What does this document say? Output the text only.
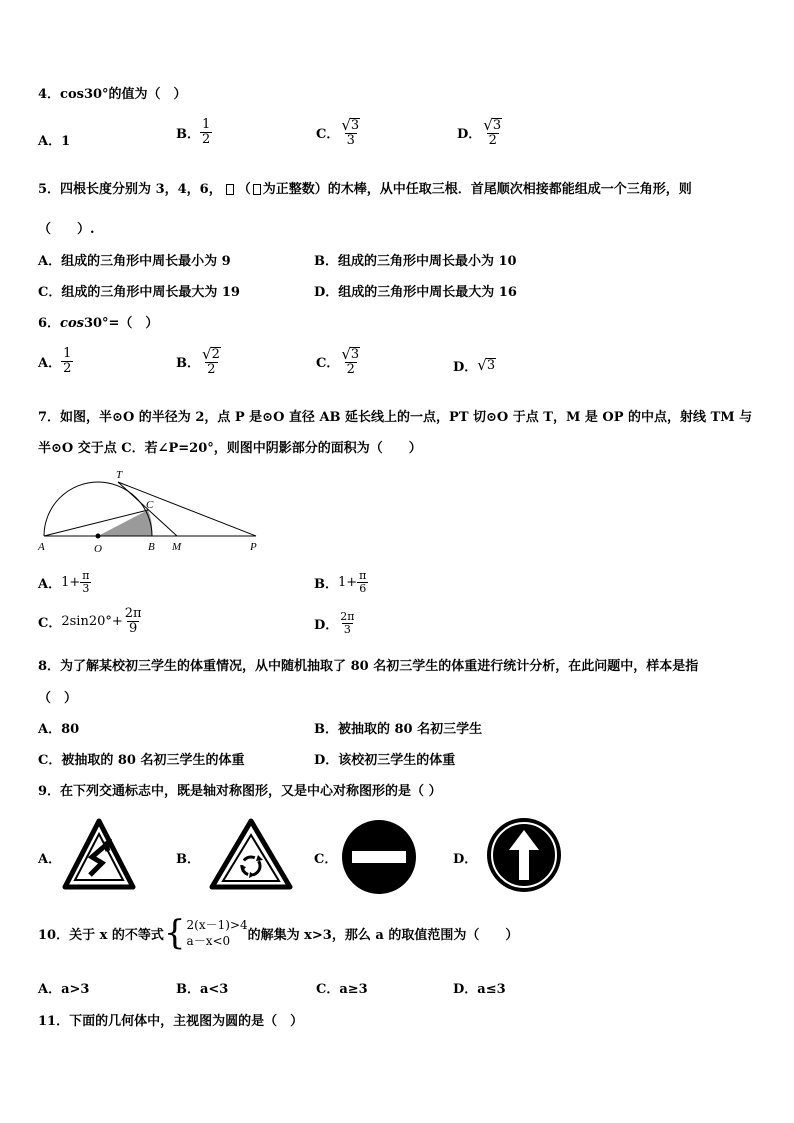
4．cos30°的值为（　）
A．1	B． $\frac{1}{2}$	C． $\frac{√ 3}{3}$	D． $\frac{√ 3}{2}$
5．四根长度分别为 3，4，6， （ 为正整数）的木棒，从中任取三根．首尾顺次相接都能组成一个三角形，则
（　　）.
A．组成的三角形中周长最小为 9	B．组成的三角形中周长最小为 10
C．组成的三角形中周长最大为 19	D．组成的三角形中周长最大为 16
6．cos30°=（　）
A． $\frac{1}{2}$	B． $\frac{√ 2}{2}$	C． $\frac{√ 3}{2}$	D． √ 3
7．如图，半⊙O 的半径为 2，点 P 是⊙O 直径 AB 延长线上的一点，PT 切⊙O 于点 T，M 是 OP 的中点，射线 TM 与
半⊙O 交于点 C．若∠P=20°，则图中阴影部分的面积为（　　）
T
C
A	O	B M	P
A． $1+ \frac{\pi}{3}$	B． $1+ \frac{\pi}{6}$
C． $2\sin 20^\circ+ \frac{2\pi}{9}$	D． $\frac{2\pi}{3}$
8．为了解某校初三学生的体重情况，从中随机抽取了 80 名初三学生的体重进行统计分析，在此问题中，样本是指
（　）
A．80	B．被抽取的 80 名初三学生
C．被抽取的 80 名初三学生的体重	D．该校初三学生的体重
9．在下列交通标志中，既是轴对称图形，又是中心对称图形的是（ ）
A．	B．	C．	D．
10．关于 x 的不等式 { 2(x－1)>4
a－x<0	的解集为 x>3，那么 a 的取值范围为（　　）
A．a>3	B．a<3	C．a≥3	D．a≤3
11．下面的几何体中，主视图为圆的是（　）
